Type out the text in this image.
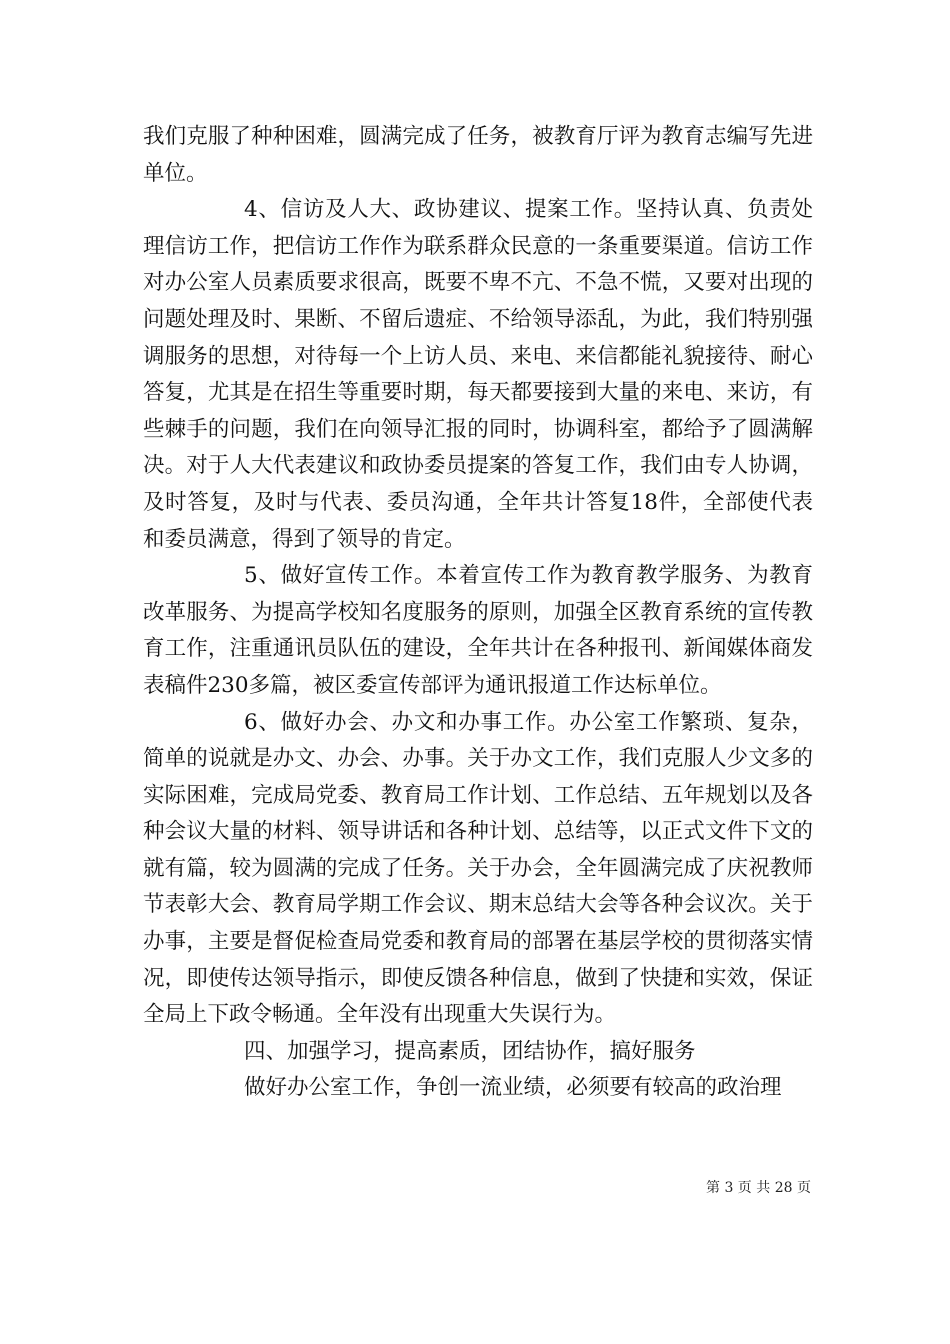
我们克服了种种困难，圆满完成了任务，被教育厅评为教育志编写先进单位。

4、信访及人大、政协建议、提案工作。坚持认真、负责处理信访工作，把信访工作作为联系群众民意的一条重要渠道。信访工作对办公室人员素质要求很高，既要不卑不亢、不急不慌，又要对出现的问题处理及时、果断、不留后遗症、不给领导添乱，为此，我们特别强调服务的思想，对待每一个上访人员、来电、来信都能礼貌接待、耐心答复，尤其是在招生等重要时期，每天都要接到大量的来电、来访，有些棘手的问题，我们在向领导汇报的同时，协调科室，都给予了圆满解决。对于人大代表建议和政协委员提案的答复工作，我们由专人协调，及时答复，及时与代表、委员沟通，全年共计答复18件，全部使代表和委员满意，得到了领导的肯定。

5、做好宣传工作。本着宣传工作为教育教学服务、为教育改革服务、为提高学校知名度服务的原则，加强全区教育系统的宣传教育工作，注重通讯员队伍的建设，全年共计在各种报刊、新闻媒体商发表稿件230多篇，被区委宣传部评为通讯报道工作达标单位。

6、做好办会、办文和办事工作。办公室工作繁琐、复杂，简单的说就是办文、办会、办事。关于办文工作，我们克服人少文多的实际困难，完成局党委、教育局工作计划、工作总结、五年规划以及各种会议大量的材料、领导讲话和各种计划、总结等，以正式文件下文的就有篇，较为圆满的完成了任务。关于办会，全年圆满完成了庆祝教师节表彰大会、教育局学期工作会议、期末总结大会等各种会议次。关于办事，主要是督促检查局党委和教育局的部署在基层学校的贯彻落实情况，即使传达领导指示，即使反馈各种信息，做到了快捷和实效，保证全局上下政令畅通。全年没有出现重大失误行为。

四、加强学习，提高素质，团结协作，搞好服务

做好办公室工作，争创一流业绩，必须要有较高的政治理

第 3 页 共 28 页
